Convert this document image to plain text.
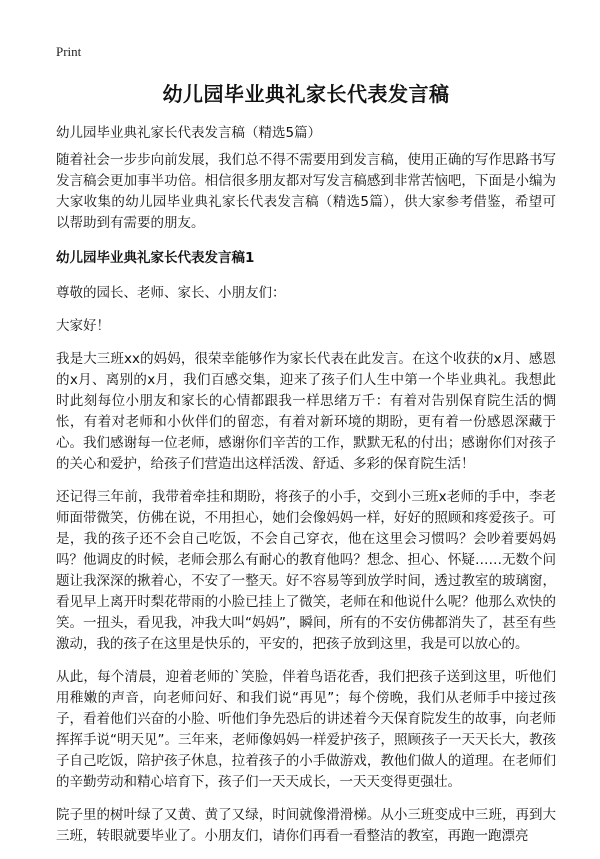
Print
幼儿园毕业典礼家长代表发言稿

幼儿园毕业典礼家长代表发言稿（精选5篇）

随着社会一步步向前发展，我们总不得不需要用到发言稿，使用正确的写作思路书写发言稿会更加事半功倍。相信很多朋友都对写发言稿感到非常苦恼吧，下面是小编为大家收集的幼儿园毕业典礼家长代表发言稿（精选5篇），供大家参考借鉴，希望可以帮助到有需要的朋友。

幼儿园毕业典礼家长代表发言稿1

尊敬的园长、老师、家长、小朋友们：

大家好！

我是大三班xx的妈妈，很荣幸能够作为家长代表在此发言。在这个收获的x月、感恩的x月、离别的x月，我们百感交集，迎来了孩子们人生中第一个毕业典礼。我想此时此刻每位小朋友和家长的心情都跟我一样思绪万千：有着对告别保育院生活的惆怅，有着对老师和小伙伴们的留恋，有着对新环境的期盼，更有着一份感恩深藏于心。我们感谢每一位老师，感谢你们辛苦的工作，默默无私的付出；感谢你们对孩子的关心和爱护，给孩子们营造出这样活泼、舒适、多彩的保育院生活！

还记得三年前，我带着牵挂和期盼，将孩子的小手，交到小三班x老师的手中，李老师面带微笑，仿佛在说，不用担心，她们会像妈妈一样，好好的照顾和疼爱孩子。可是，我的孩子还不会自己吃饭，不会自己穿衣，他在这里会习惯吗？会吵着要妈妈吗？他调皮的时候，老师会那么有耐心的教育他吗？想念、担心、怀疑……无数个问题让我深深的揪着心，不安了一整天。好不容易等到放学时间，透过教室的玻璃窗，看见早上离开时梨花带雨的小脸已挂上了微笑，老师在和他说什么呢？他那么欢快的笑。一扭头，看见我，冲我大叫“妈妈”，瞬间，所有的不安仿佛都消失了，甚至有些激动，我的孩子在这里是快乐的，平安的，把孩子放到这里，我是可以放心的。

从此，每个清晨，迎着老师的`笑脸，伴着鸟语花香，我们把孩子送到这里，听他们用稚嫩的声音，向老师问好、和我们说“再见”；每个傍晚，我们从老师手中接过孩子，看着他们兴奋的小脸、听他们争先恐后的讲述着今天保育院发生的故事，向老师挥挥手说“明天见”。三年来，老师像妈妈一样爱护孩子，照顾孩子一天天长大，教孩子自己吃饭，陪护孩子休息，拉着孩子的小手做游戏，教他们做人的道理。在老师们的辛勤劳动和精心培育下，孩子们一天天成长，一天天变得更强壮。

院子里的树叶绿了又黄、黄了又绿，时间就像滑滑梯。从小三班变成中三班，再到大三班，转眼就要毕业了。小朋友们，请你们再看一看整洁的教室，再跑一跑漂亮
